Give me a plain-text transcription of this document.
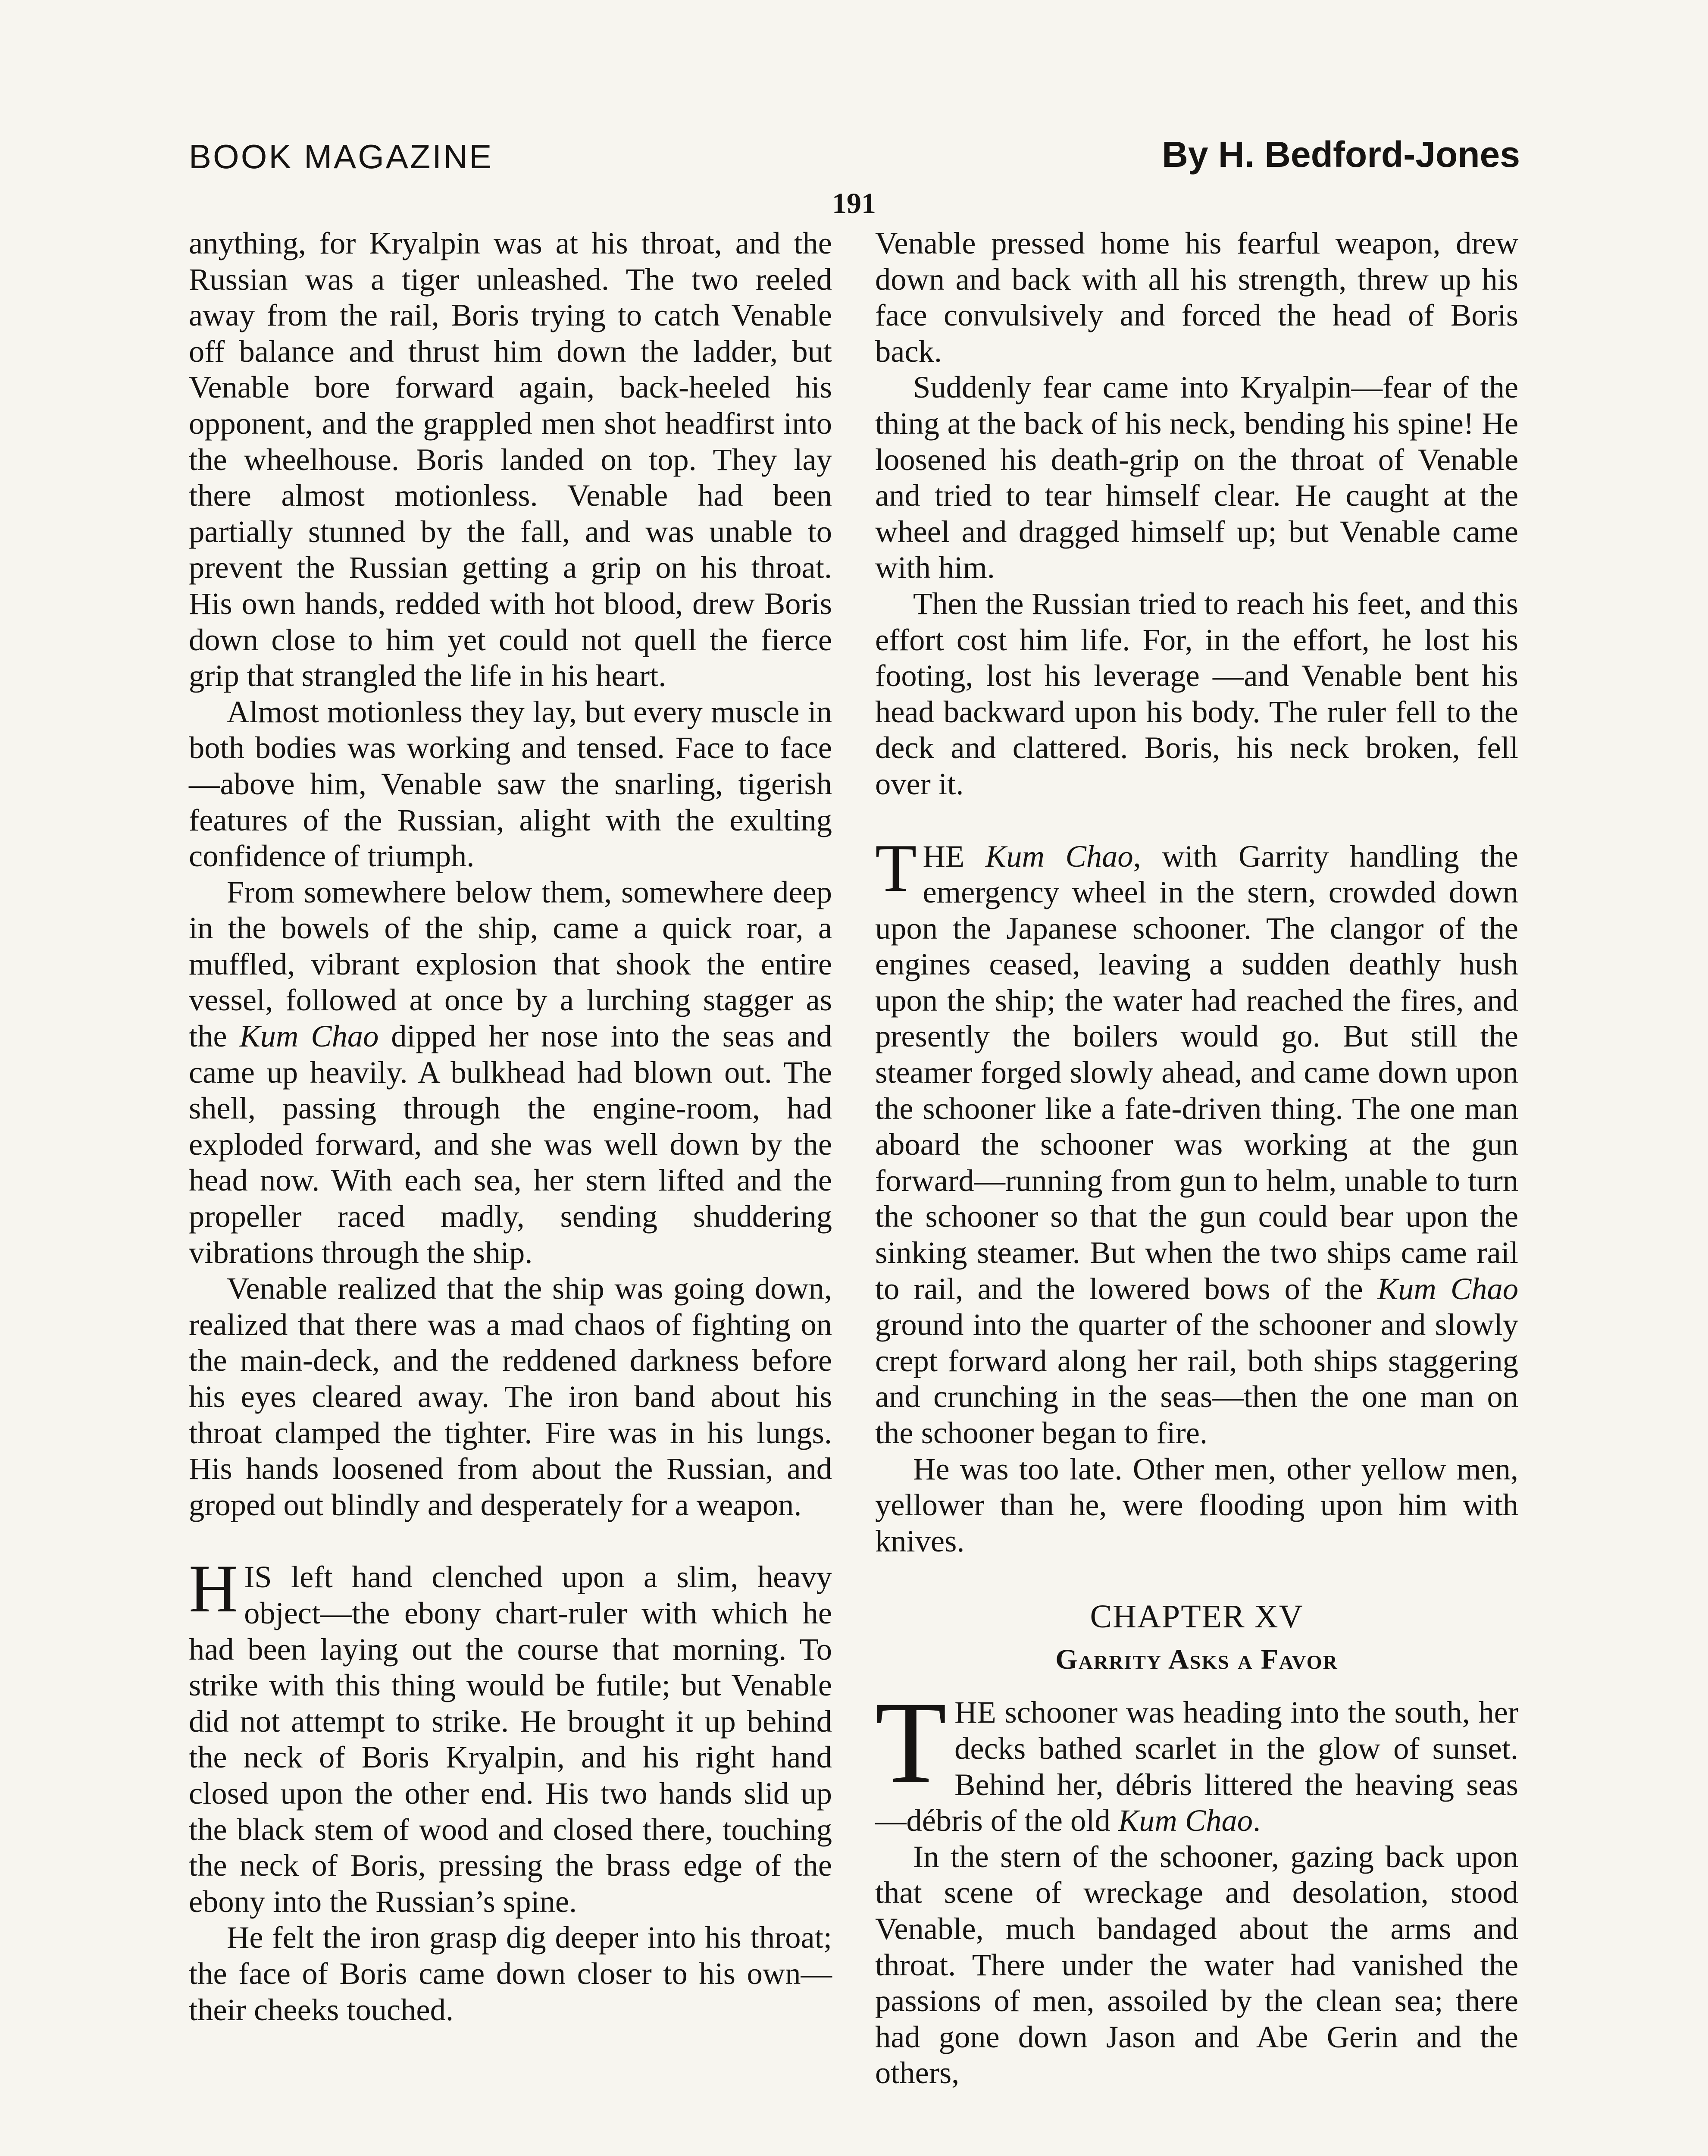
BOOK MAGAZINE	By H. Bedford-Jones
191

anything, for Kryalpin was at his throat, and the Russian was a tiger unleashed. The two reeled away from the rail, Boris trying to catch Venable off balance and thrust him down the ladder, but Venable bore forward again, back-heeled his opponent, and the grappled men shot headfirst into the wheelhouse. Boris landed on top. They lay there almost motionless. Venable had been partially stunned by the fall, and was unable to prevent the Russian getting a grip on his throat. His own hands, redded with hot blood, drew Boris down close to him yet could not quell the fierce grip that strangled the life in his heart.

Almost motionless they lay, but every muscle in both bodies was working and tensed. Face to face—above him, Venable saw the snarling, tigerish features of the Russian, alight with the exulting confidence of triumph.

From somewhere below them, somewhere deep in the bowels of the ship, came a quick roar, a muffled, vibrant explosion that shook the entire vessel, followed at once by a lurching stagger as the Kum Chao dipped her nose into the seas and came up heavily. A bulkhead had blown out. The shell, passing through the engine-room, had exploded forward, and she was well down by the head now. With each sea, her stern lifted and the propeller raced madly, sending shuddering vibrations through the ship.

Venable realized that the ship was going down, realized that there was a mad chaos of fighting on the main-deck, and the reddened darkness before his eyes cleared away. The iron band about his throat clamped the tighter. Fire was in his lungs. His hands loosened from about the Russian, and groped out blindly and desperately for a weapon.

HIS left hand clenched upon a slim, heavy object—the ebony chart-ruler with which he had been laying out the course that morning. To strike with this thing would be futile; but Venable did not attempt to strike. He brought it up behind the neck of Boris Kryalpin, and his right hand closed upon the other end. His two hands slid up the black stem of wood and closed there, touching the neck of Boris, pressing the brass edge of the ebony into the Russian’s spine.

He felt the iron grasp dig deeper into his throat; the face of Boris came down closer to his own—their cheeks touched.

Venable pressed home his fearful weapon, drew down and back with all his strength, threw up his face convulsively and forced the head of Boris back.

Suddenly fear came into Kryalpin—fear of the thing at the back of his neck, bending his spine! He loosened his death-grip on the throat of Venable and tried to tear himself clear. He caught at the wheel and dragged himself up; but Venable came with him.

Then the Russian tried to reach his feet, and this effort cost him life. For, in the effort, he lost his footing, lost his leverage —and Venable bent his head backward upon his body. The ruler fell to the deck and clattered. Boris, his neck broken, fell over it.

THE Kum Chao, with Garrity handling the emergency wheel in the stern, crowded down upon the Japanese schooner. The clangor of the engines ceased, leaving a sudden deathly hush upon the ship; the water had reached the fires, and presently the boilers would go. But still the steamer forged slowly ahead, and came down upon the schooner like a fate-driven thing. The one man aboard the schooner was working at the gun forward—running from gun to helm, unable to turn the schooner so that the gun could bear upon the sinking steamer. But when the two ships came rail to rail, and the lowered bows of the Kum Chao ground into the quarter of the schooner and slowly crept forward along her rail, both ships staggering and crunching in the seas—then the one man on the schooner began to fire.

He was too late. Other men, other yellow men, yellower than he, were flooding upon him with knives.

CHAPTER XV
Garrity Asks a Favor

THE schooner was heading into the south, her decks bathed scarlet in the glow of sunset. Behind her, débris littered the heaving seas—débris of the old Kum Chao.

In the stern of the schooner, gazing back upon that scene of wreckage and desolation, stood Venable, much bandaged about the arms and throat. There under the water had vanished the passions of men, assoiled by the clean sea; there had gone down Jason and Abe Gerin and the others,
